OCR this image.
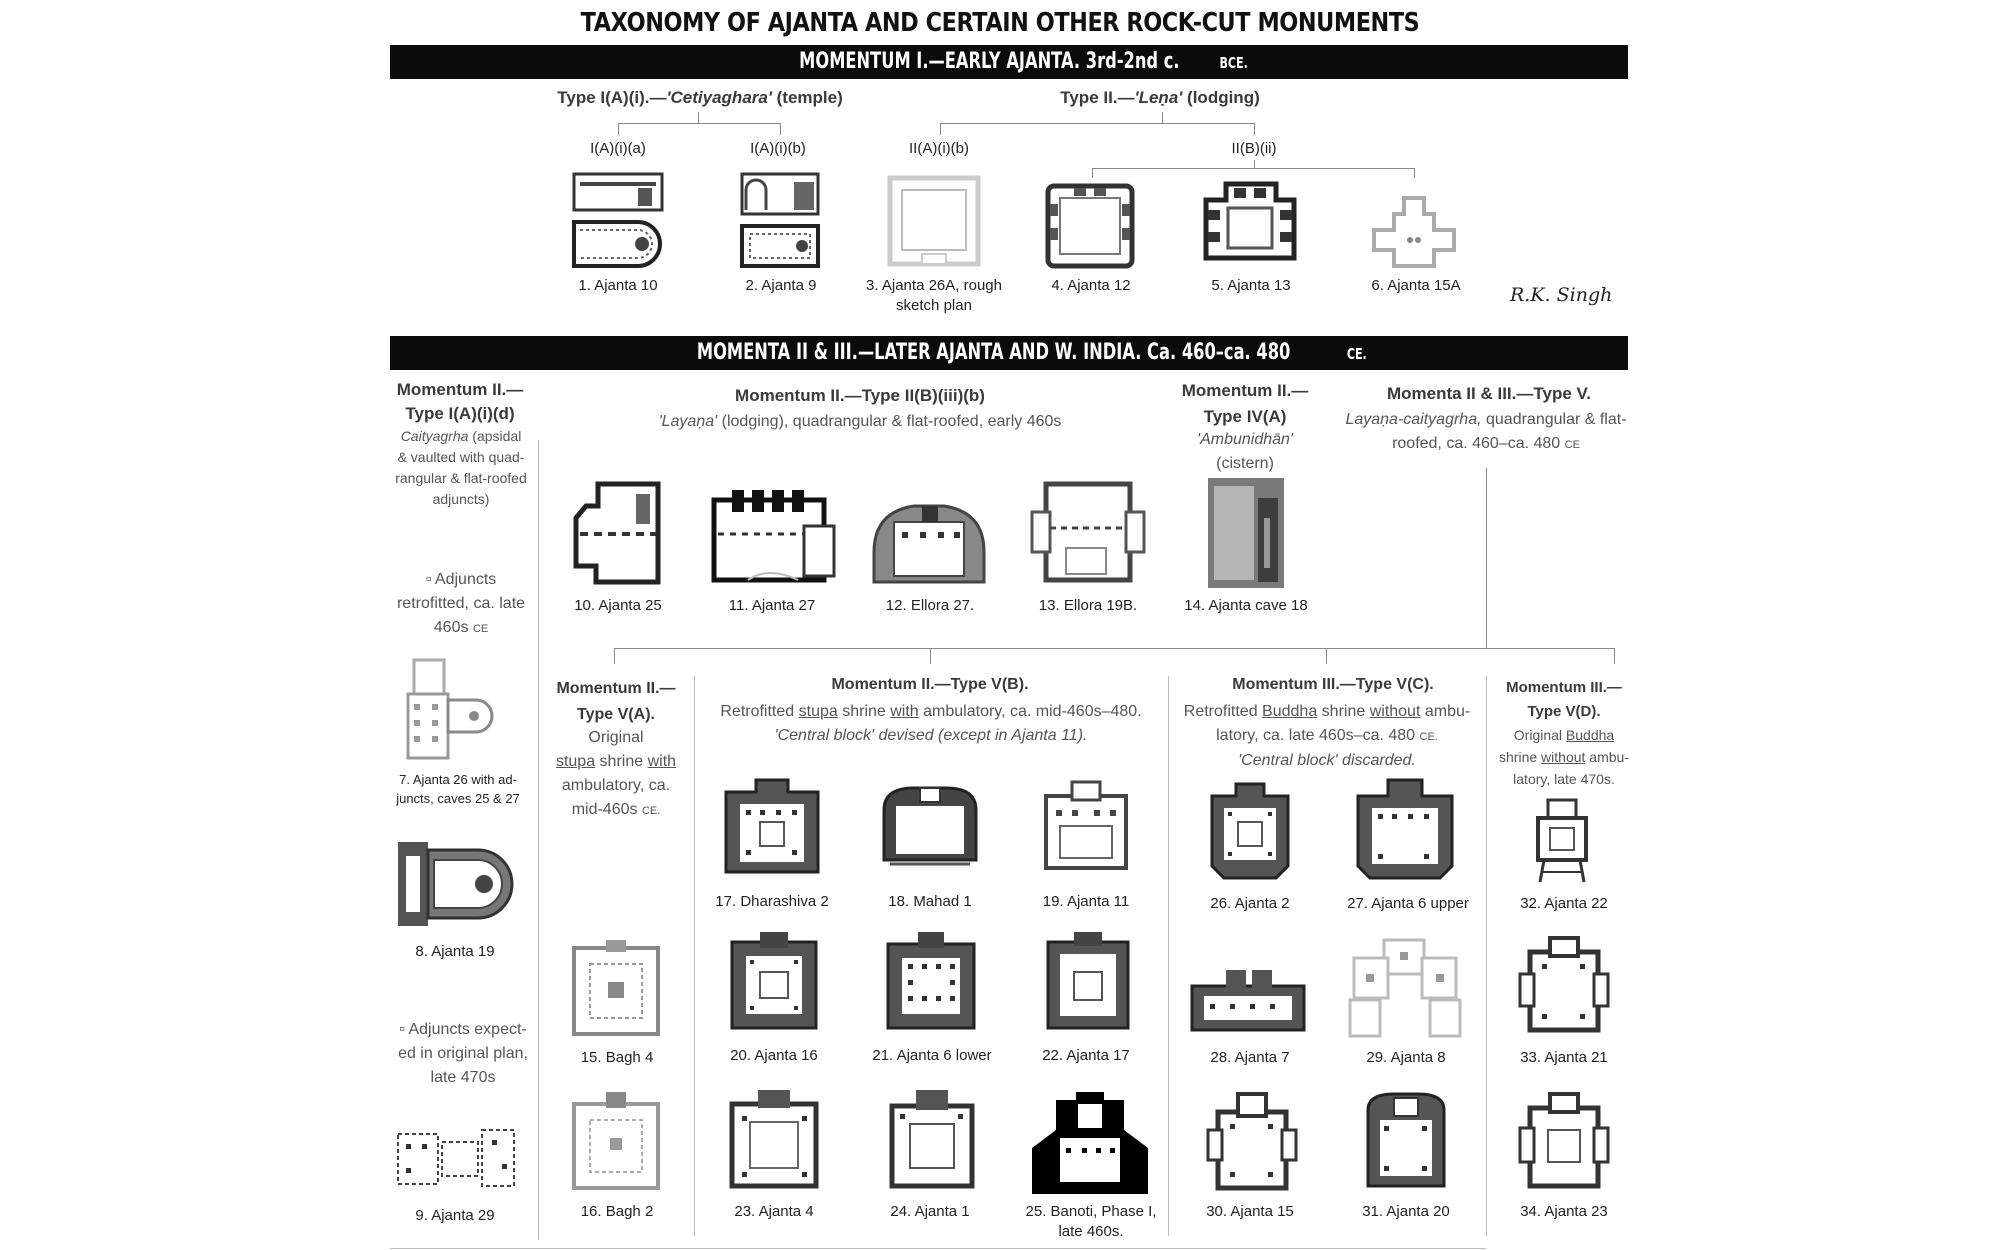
TAXONOMY OF AJANTA AND CERTAIN OTHER ROCK-CUT MONUMENTS
MOMENTUM I.—EARLY AJANTA. 3rd-2nd c.	BCE.
Type I(A)(i).—'Cetiyaghara' (temple)	Type II.—'Leṇa' (lodging)
I(A)(i)(a)	I(A)(i)(b)	II(A)(i)(b)	II(B)(ii)
1. Ajanta 10	2. Ajanta 9	3. Ajanta 26A, rough
sketch plan
4. Ajanta 12	5. Ajanta 13	6. Ajanta 15A	R.K. Singh
MOMENTA II & III.—LATER AJANTA AND W. INDIA. Ca. 460–ca. 480	CE.
Momentum II.—
Type I(A)(i)(d)
Caityagrha (apsidal
& vaulted with quad-
rangular & flat-roofed
adjuncts)
▫ Adjuncts
retrofitted, ca. late
460s CE
7. Ajanta 26 with ad-
juncts, caves 25 & 27
8. Ajanta 19
▫ Adjuncts expect-
ed in original plan,
late 470s
9. Ajanta 29
Momentum II.—Type II(B)(iii)(b)
'Layaṇa' (lodging), quadrangular & flat-roofed, early 460s
10. Ajanta 25	11. Ajanta 27	12. Ellora 27.	13. Ellora 19B.
Momentum II.—
Type IV(A)
'Ambunidhān'
(cistern)
14. Ajanta cave 18
Momenta II & III.—Type V.
Layaṇa-caityagrha, quadrangular & flat-
roofed, ca. 460–ca. 480 CE
Momentum II.—
Type V(A).
Original
stupa shrine with
ambulatory, ca.
mid-460s CE.
15. Bagh 4
16. Bagh 2
Momentum II.—Type V(B).
Retrofitted stupa shrine with ambulatory, ca. mid-460s–480.
'Central block' devised (except in Ajanta 11).
17. Dharashiva 2	18. Mahad 1	19. Ajanta 11
20. Ajanta 16	21. Ajanta 6 lower	22. Ajanta 17
23. Ajanta 4	24. Ajanta 1	25. Banoti, Phase I,
late 460s.
Momentum III.—Type V(C).
Retrofitted Buddha shrine without ambu-
latory, ca. late 460s–ca. 480 CE.
'Central block' discarded.
26. Ajanta 2	27. Ajanta 6 upper
28. Ajanta 7	29. Ajanta 8
30. Ajanta 15	31. Ajanta 20
Momentum III.—
Type V(D).
Original Buddha
shrine without ambu-
latory, late 470s.
32. Ajanta 22
33. Ajanta 21
34. Ajanta 23
